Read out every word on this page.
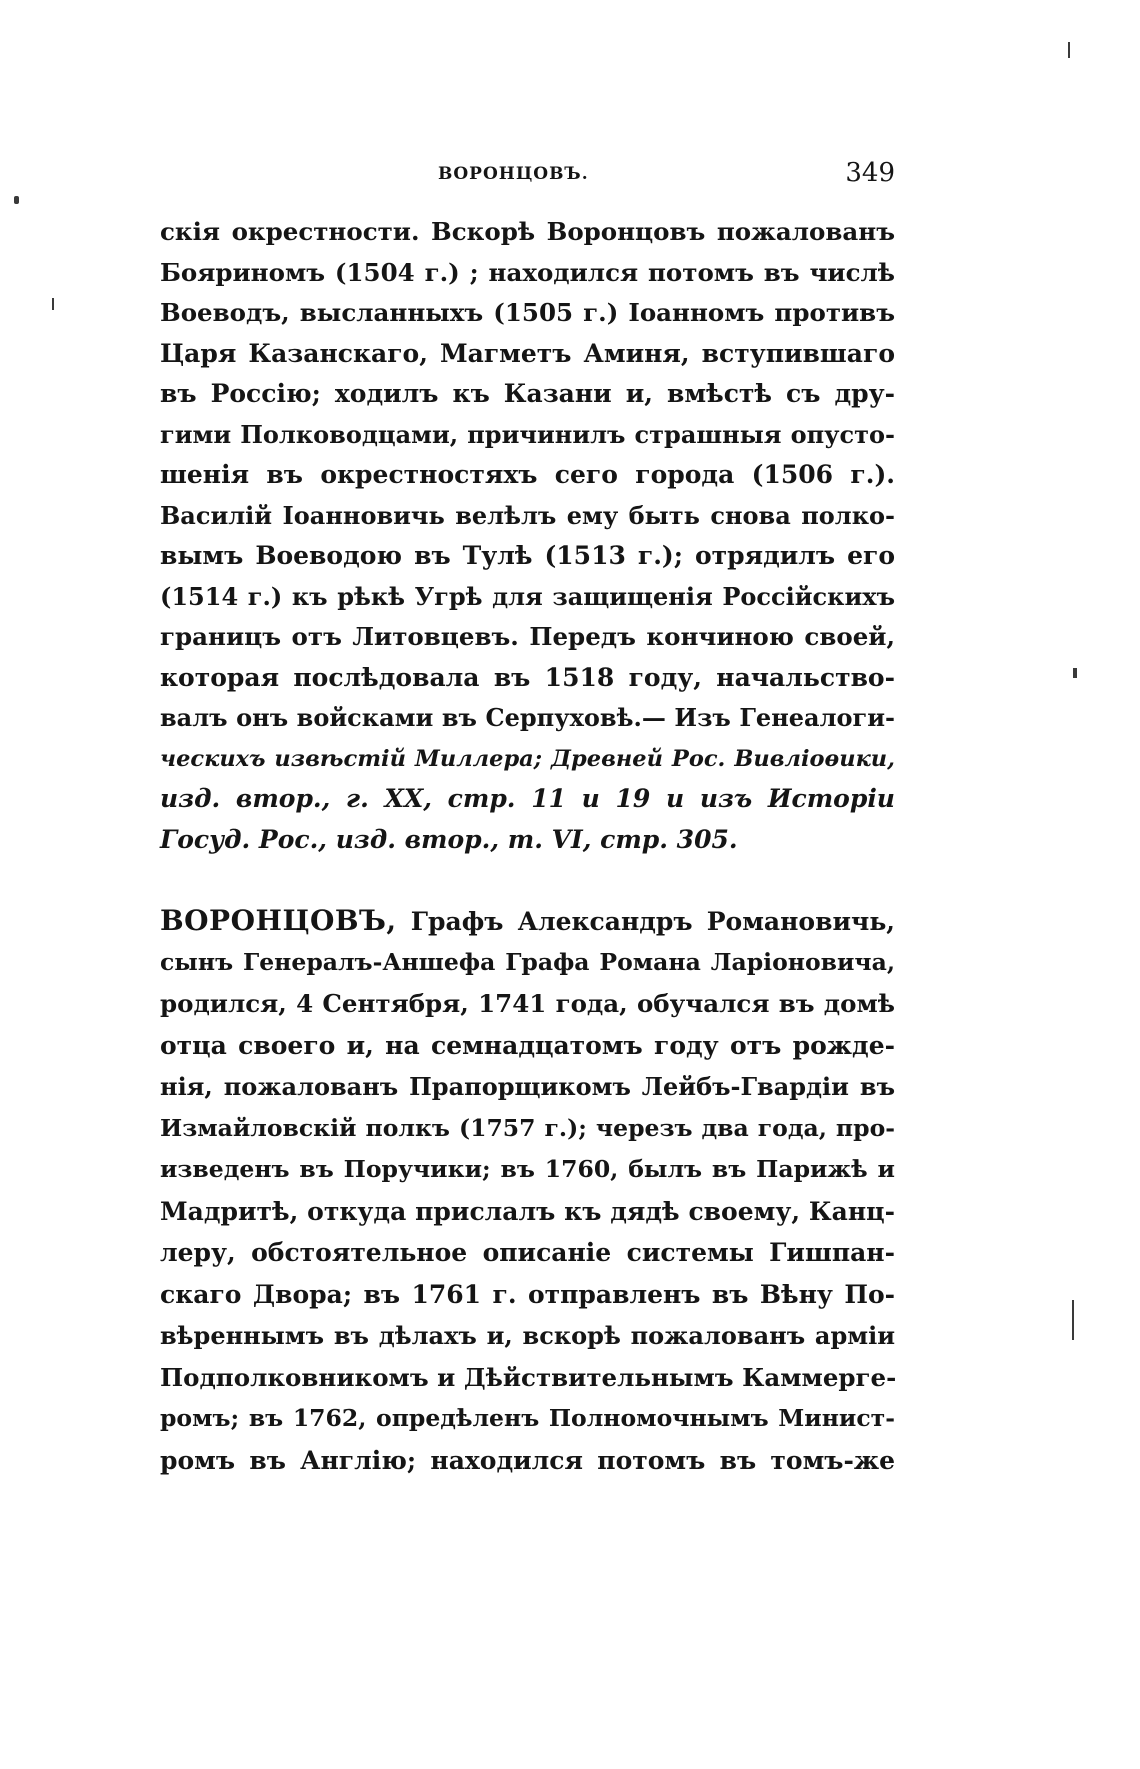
ВОРОНЦОВЪ.	349
скія окрестности. Вскорѣ Воронцовъ пожалованъ
Бояриномъ (1504 г.) ; находился потомъ въ числѣ
Воеводъ, высланныхъ (1505 г.) Іоанномъ противъ
Царя Казанскаго, Магметъ Аминя, вступившаго
въ Россію; ходилъ къ Казани и, вмѣстѣ съ дру-
гими Полководцами, причинилъ страшныя опусто-
шенія въ окрестностяхъ сего города (1506 г.).
Василій Іоанновичь велѣлъ ему быть снова полко-
вымъ Воеводою въ Тулѣ (1513 г.); отрядилъ его
(1514 г.) къ рѣкѣ Угрѣ для защищенія Россійскихъ
границъ отъ Литовцевъ. Передъ кончиною своей,
которая послѣдовала въ 1518 году, начальство-
валъ онъ войсками въ Серпуховѣ.— Изъ Генеалоги-
ческихъ извѣстій Миллера; Древней Рос. Вивліоѳики,
изд. втор., г. XX, стр. 11 и 19 и изъ Исторіи
Госуд. Рос., изд. втор., т. VI, стр. 305.
ВОРОНЦОВЪ, Графъ Александръ Романовичь,
сынъ Генералъ-Аншефа Графа Романа Ларіоновича,
родился, 4 Сентября, 1741 года, обучался въ домѣ
отца своего и, на семнадцатомъ году отъ рожде-
нія, пожалованъ Прапорщикомъ Лейбъ-Гвардіи въ
Измайловскій полкъ (1757 г.); черезъ два года, про-
изведенъ въ Поручики; въ 1760, былъ въ Парижѣ и
Мадритѣ, откуда прислалъ къ дядѣ своему, Канц-
леру, обстоятельное описаніе системы Гишпан-
скаго Двора; въ 1761 г. отправленъ въ Вѣну По-
вѣреннымъ въ дѣлахъ и, вскорѣ пожалованъ арміи
Подполковникомъ и Дѣйствительнымъ Каммерге-
ромъ; въ 1762, опредѣленъ Полномочнымъ Минист-
ромъ въ Англію; находился потомъ въ томъ-же
